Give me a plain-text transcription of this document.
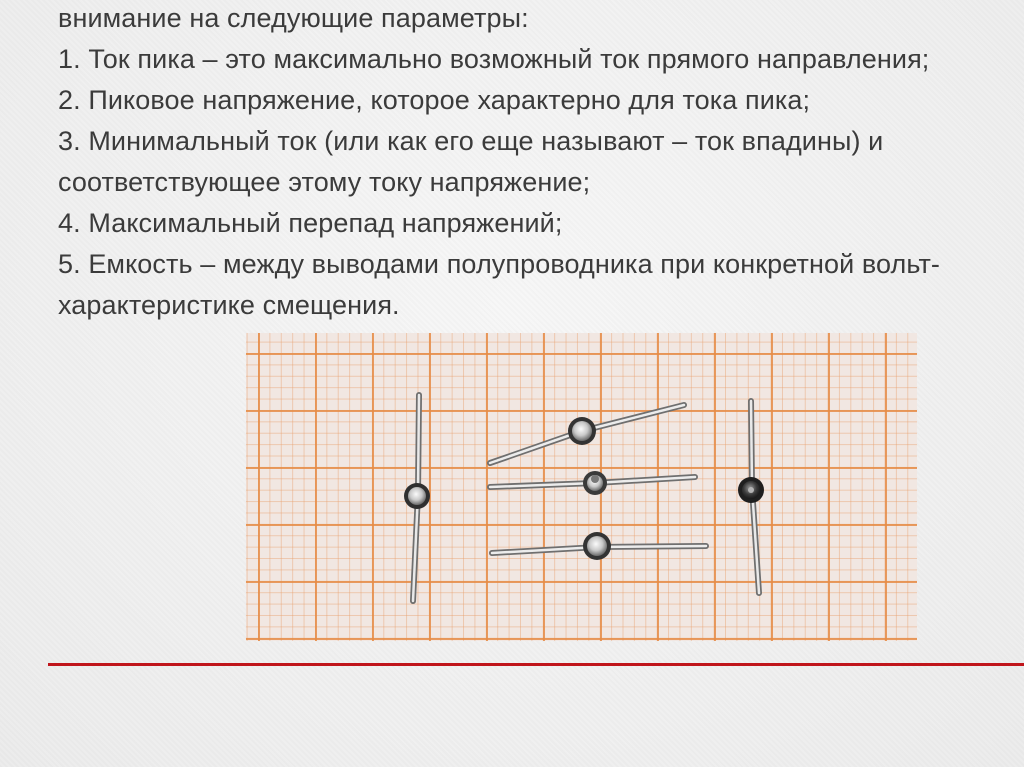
внимание на следующие параметры:
1. Ток пика – это максимально возможный ток прямого направления;
2. Пиковое напряжение, которое характерно для тока пика;
3. Минимальный ток (или как его еще называют – ток впадины) и
соответствующее этому току напряжение;
4. Максимальный перепад напряжений;
5. Емкость – между выводами полупроводника при конкретной вольт-
характеристике смещения.
